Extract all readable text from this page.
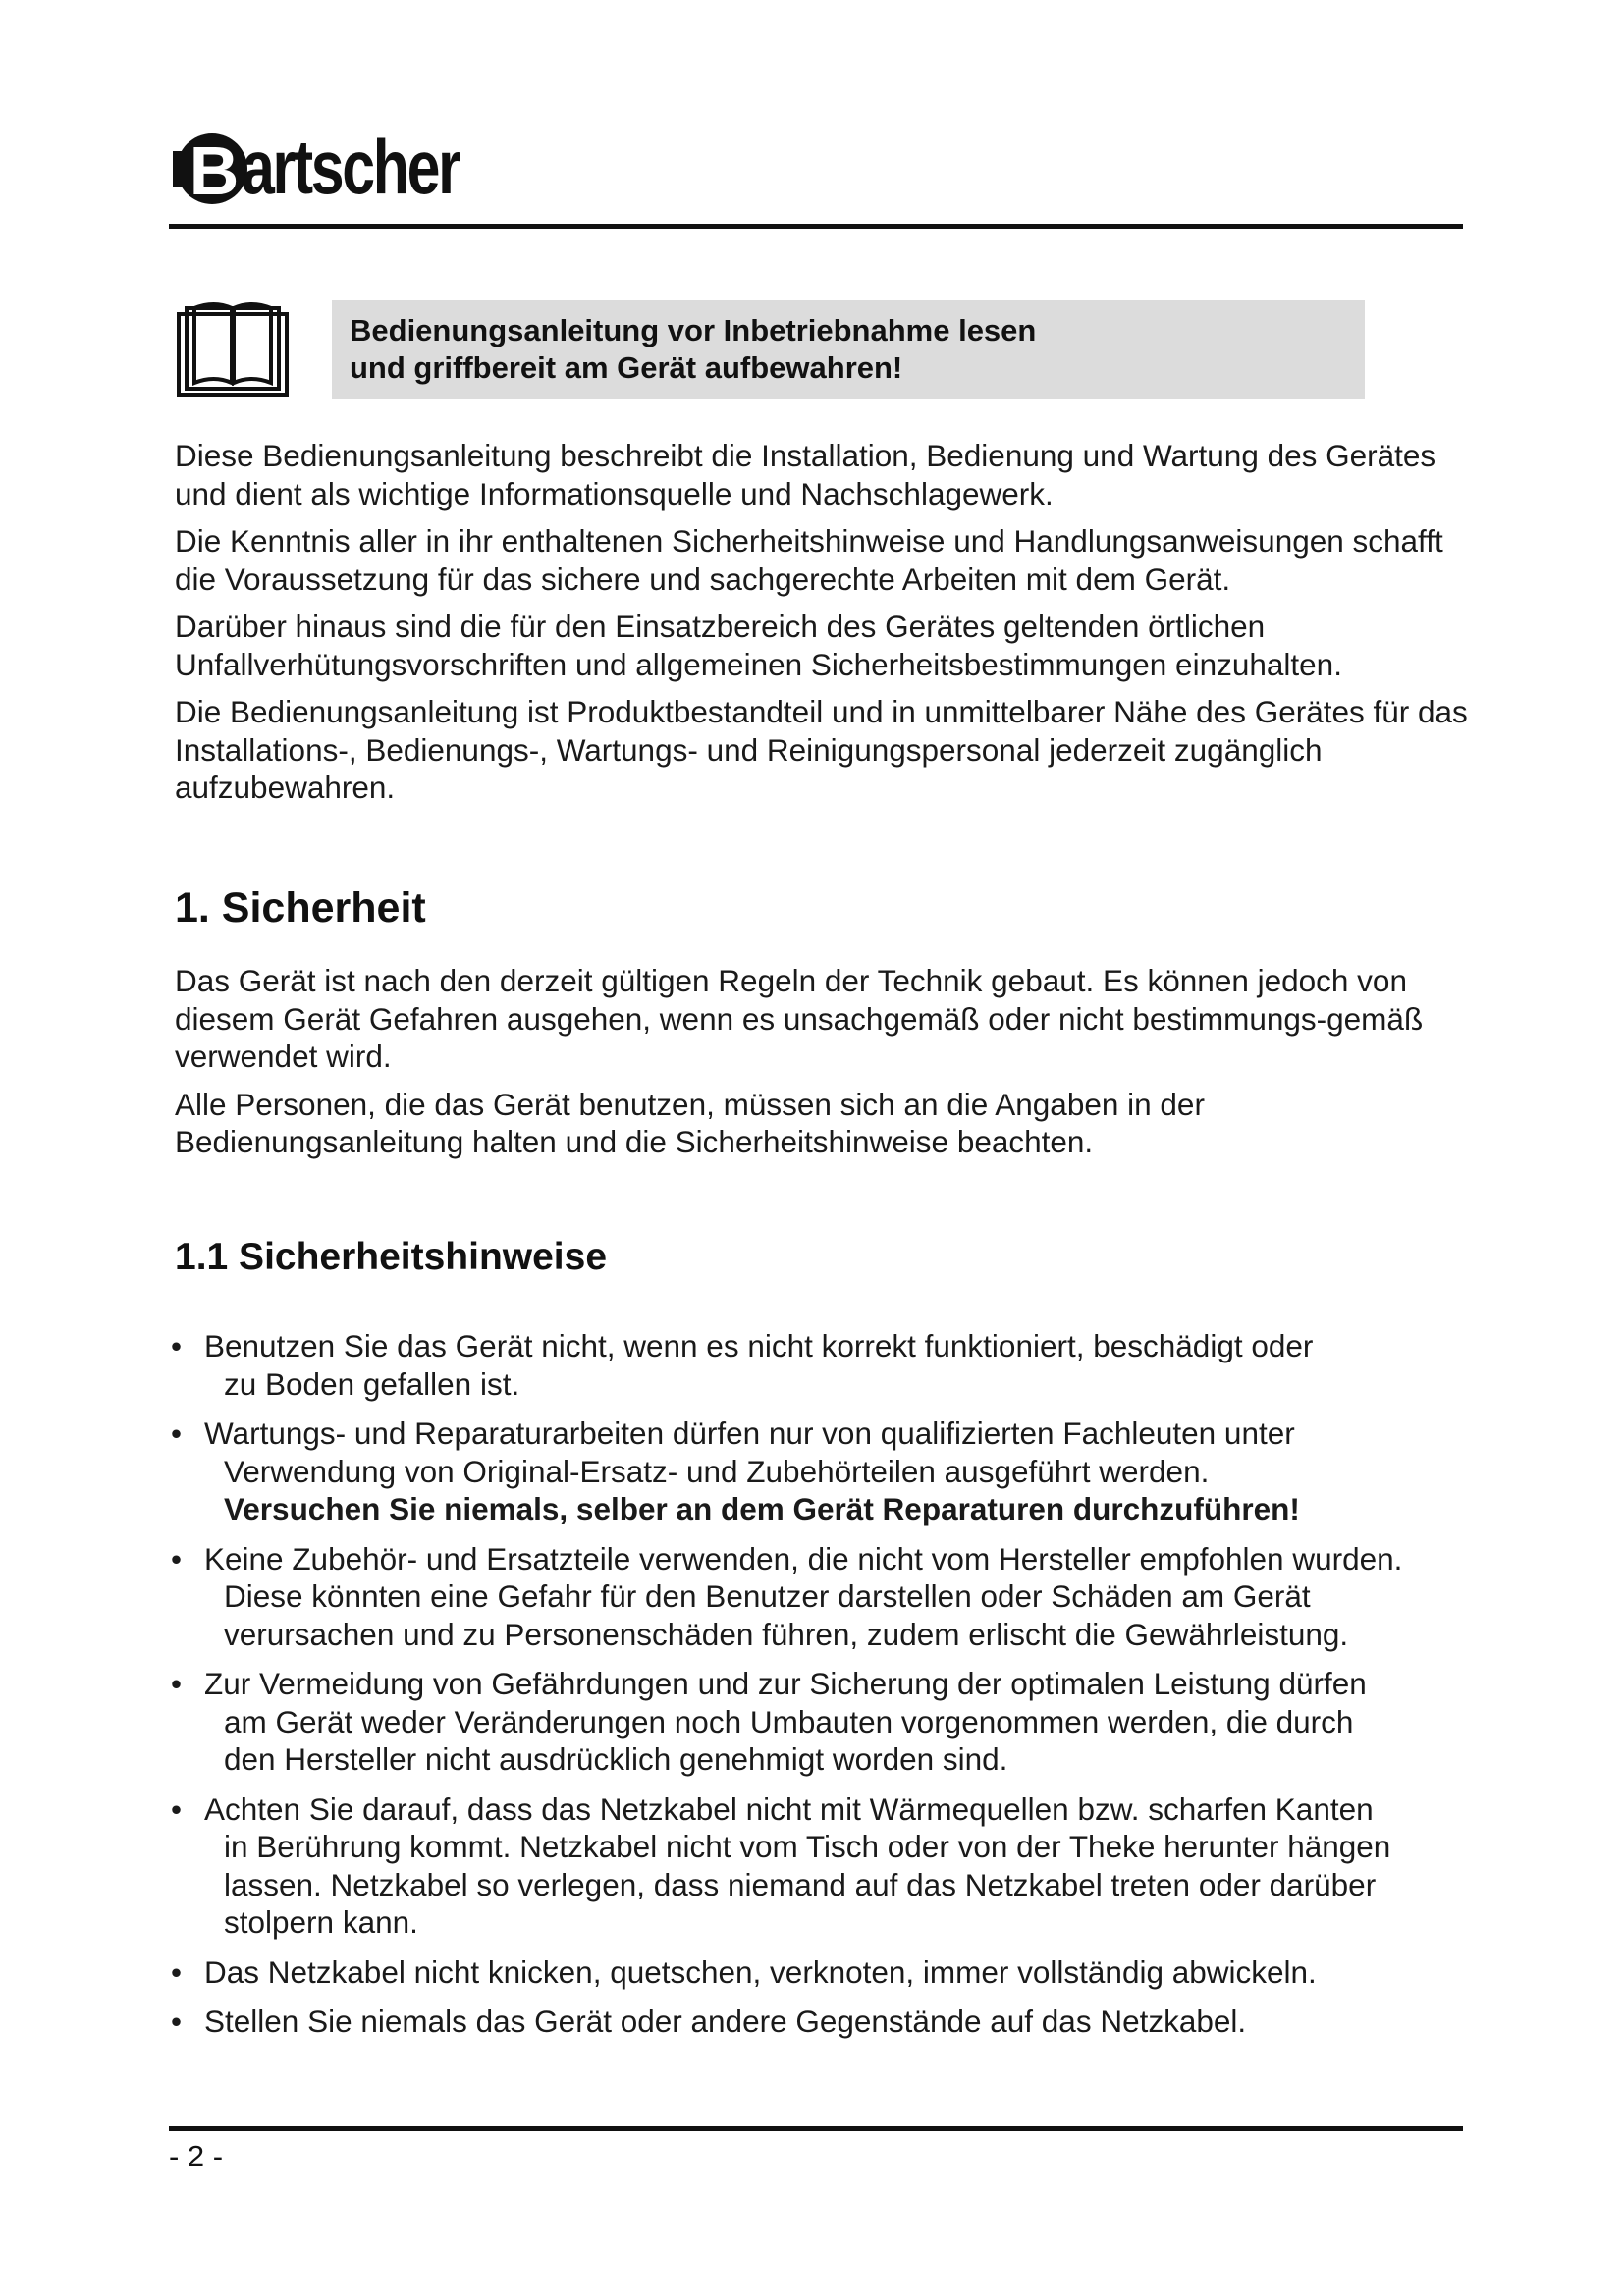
B artscher
Bedienungsanleitung vor Inbetriebnahme lesen
und griffbereit am Gerät aufbewahren!

Diese Bedienungsanleitung beschreibt die Installation, Bedienung und Wartung des Gerätes und dient als wichtige Informationsquelle und Nachschlagewerk.

Die Kenntnis aller in ihr enthaltenen Sicherheitshinweise und Handlungsanweisungen schafft die Voraussetzung für das sichere und sachgerechte Arbeiten mit dem Gerät.

Darüber hinaus sind die für den Einsatzbereich des Gerätes geltenden örtlichen Unfallverhütungsvorschriften und allgemeinen Sicherheitsbestimmungen einzuhalten.

Die Bedienungsanleitung ist Produktbestandteil und in unmittelbarer Nähe des Gerätes für das Installations-, Bedienungs-, Wartungs- und Reinigungspersonal jederzeit zugänglich aufzubewahren.

1. Sicherheit

Das Gerät ist nach den derzeit gültigen Regeln der Technik gebaut. Es können jedoch von diesem Gerät Gefahren ausgehen, wenn es unsachgemäß oder nicht bestimmungs-gemäß verwendet wird.

Alle Personen, die das Gerät benutzen, müssen sich an die Angaben in der Bedienungsanleitung halten und die Sicherheitshinweise beachten.

1.1 Sicherheitshinweise
• Benutzen Sie das Gerät nicht, wenn es nicht korrekt funktioniert, beschädigt oder
zu Boden gefallen ist.
• Wartungs- und Reparaturarbeiten dürfen nur von qualifizierten Fachleuten unter
Verwendung von Original-Ersatz- und Zubehörteilen ausgeführt werden.
Versuchen Sie niemals, selber an dem Gerät Reparaturen durchzuführen!
• Keine Zubehör- und Ersatzteile verwenden, die nicht vom Hersteller empfohlen wurden.
Diese könnten eine Gefahr für den Benutzer darstellen oder Schäden am Gerät
verursachen und zu Personenschäden führen, zudem erlischt die Gewährleistung.
• Zur Vermeidung von Gefährdungen und zur Sicherung der optimalen Leistung dürfen
am Gerät weder Veränderungen noch Umbauten vorgenommen werden, die durch
den Hersteller nicht ausdrücklich genehmigt worden sind.
• Achten Sie darauf, dass das Netzkabel nicht mit Wärmequellen bzw. scharfen Kanten
in Berührung kommt. Netzkabel nicht vom Tisch oder von der Theke herunter hängen
lassen. Netzkabel so verlegen, dass niemand auf das Netzkabel treten oder darüber
stolpern kann.
• Das Netzkabel nicht knicken, quetschen, verknoten, immer vollständig abwickeln.
• Stellen Sie niemals das Gerät oder andere Gegenstände auf das Netzkabel.
- 2 -
